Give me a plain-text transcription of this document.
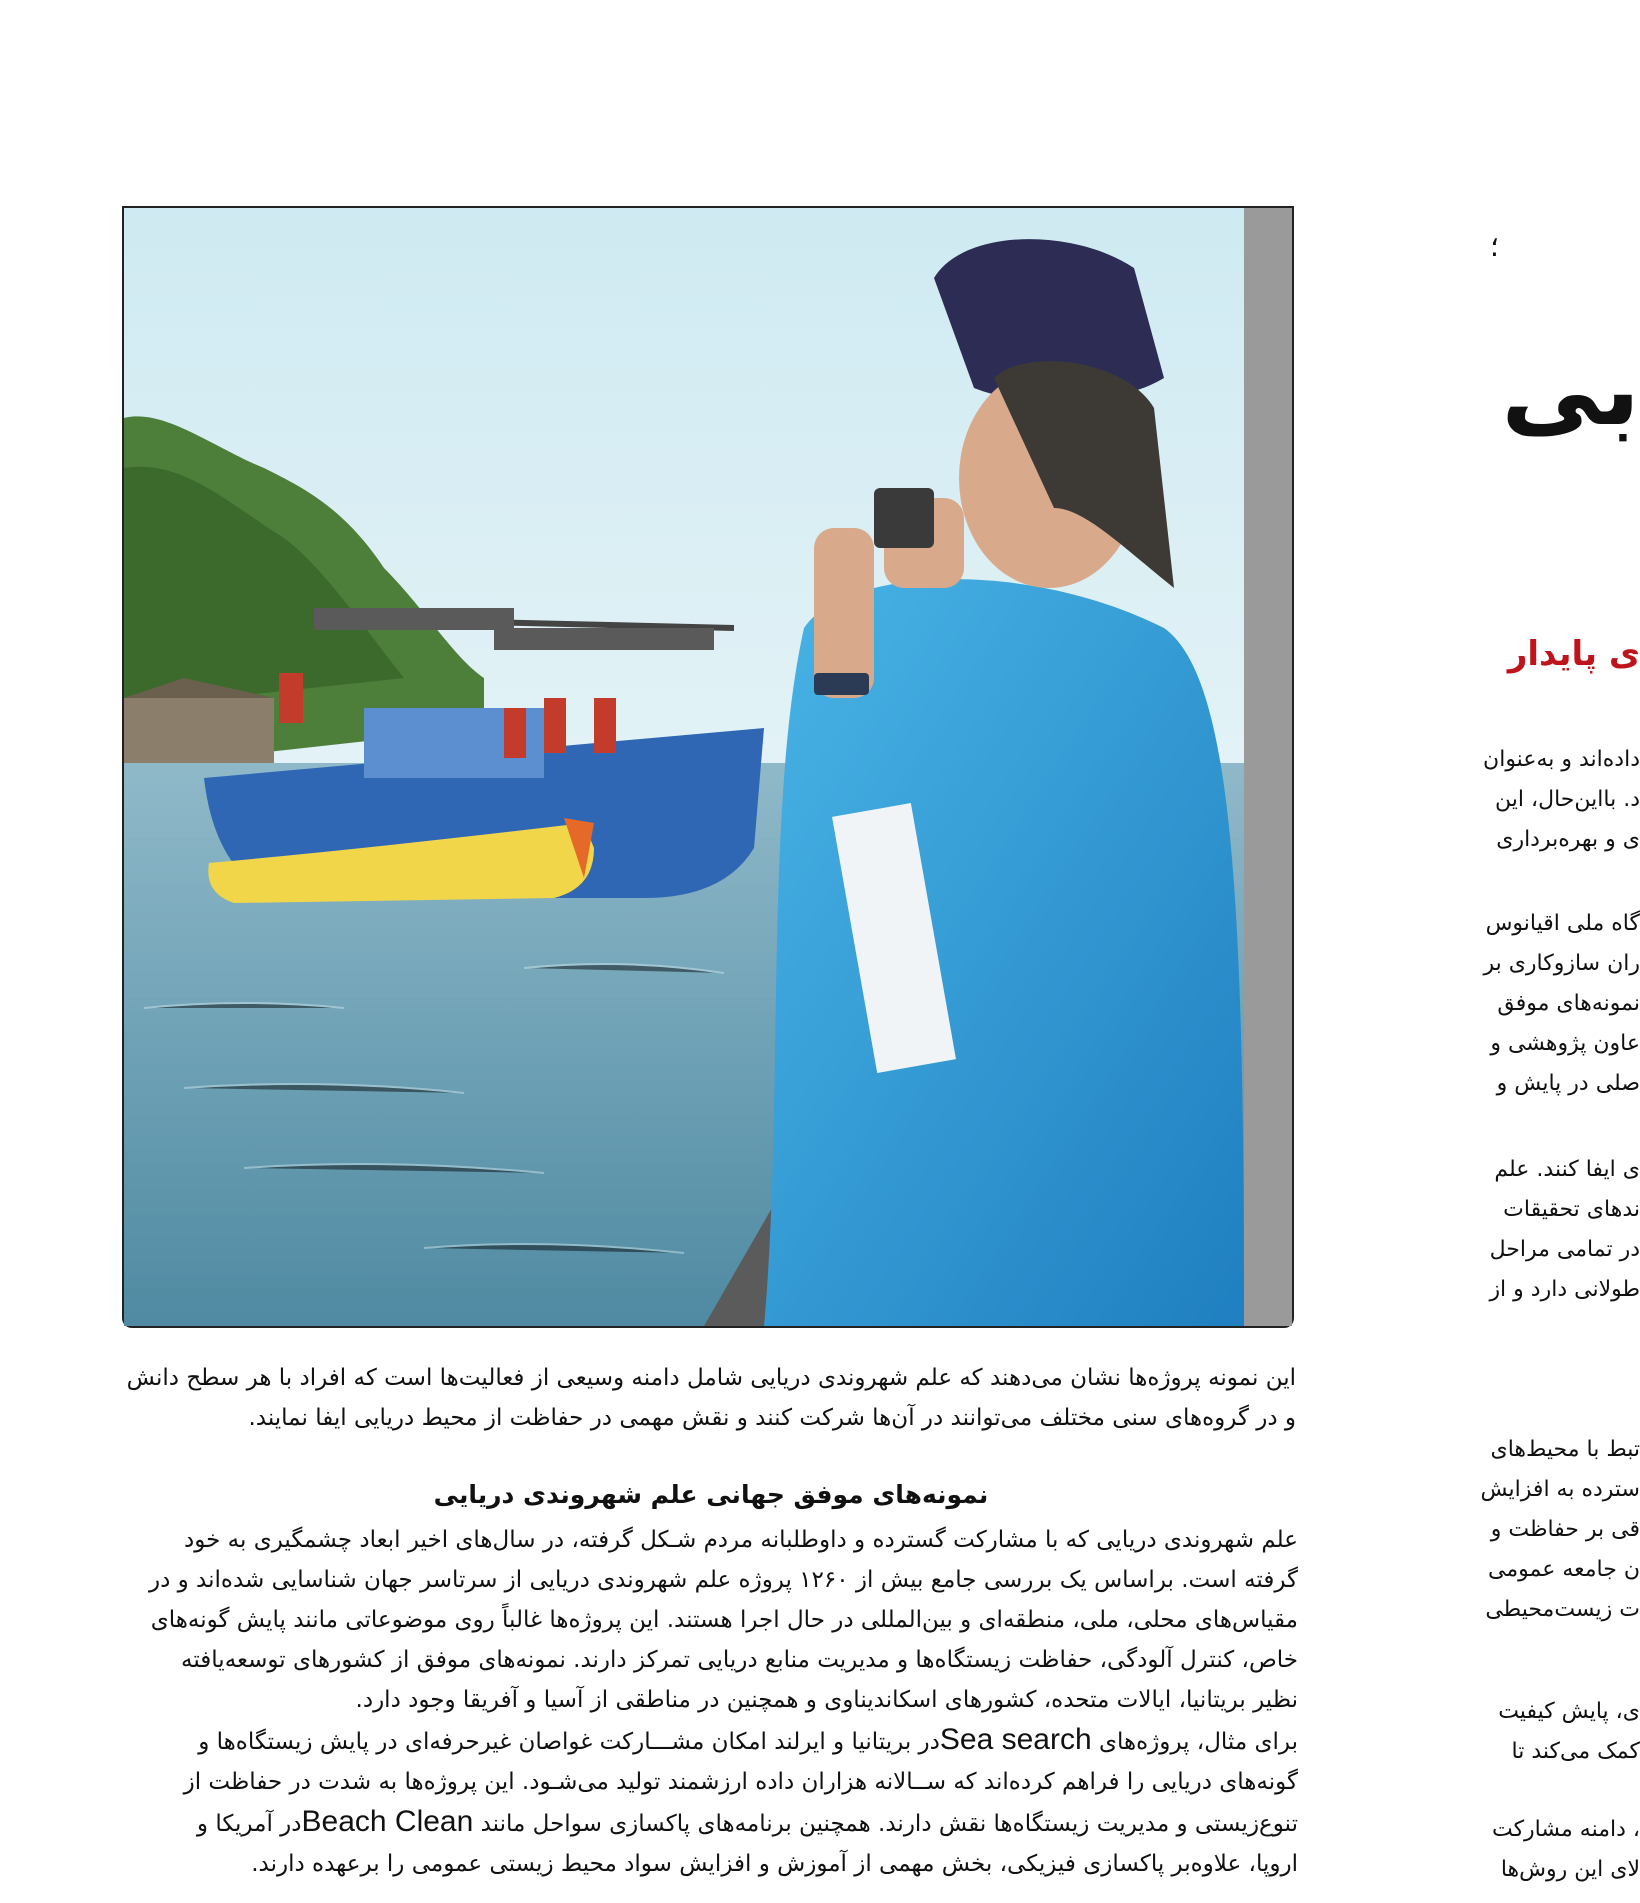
این نمونه پروژه‌ها نشان می‌دهند که علم شهروندی دریایی شامل دامنه وسیعی از فعالیت‌ها است که افراد با هر سطح دانش
و در گروه‌های سنی مختلف می‌توانند در آن‌ها شرکت کنند و نقش مهمی در حفاظت از محیط دریایی ایفا نمایند.
نمونه‌های موفق جهانی علم شهروندی دریایی
علم شهروندی دریایی که با مشارکت گسترده و داوطلبانه مردم شـکل گرفته، در سال‌های اخیر ابعاد چشمگیری به خود
گرفته است. براساس یک بررسی جامع بیش از ۱۲۶۰ پروژه علم شهروندی دریایی از سرتاسر جهان شناسایی شده‌اند و در
مقیاس‌های محلی، ملی، منطقه‌ای و بین‌المللی در حال اجرا هستند. این پروژه‌ها غالباً روی موضوعاتی مانند پایش گونه‌های
خاص، کنترل آلودگی، حفاظت زیستگاه‌ها و مدیریت منابع دریایی تمرکز دارند. نمونه‌های موفق از کشورهای توسعه‌یافته
نظیر بریتانیا، ایالات متحده، کشورهای اسکاندیناوی و همچنین در مناطقی از آسیا و آفریقا وجود دارد.
برای مثال، پروژه‌های Sea searchدر بریتانیا و ایرلند امکان مشـــارکت غواصان غیرحرفه‌ای در پایش زیستگاه‌ها و
گونه‌های دریایی را فراهم کرده‌اند که ســالانه هزاران داده ارزشمند تولید می‌شـود. این پروژه‌ها به شدت در حفاظت از
تنوع‌زیستی و مدیریت زیستگاه‌ها نقش دارند. همچنین برنامه‌های پاکسازی سواحل مانند Beach Cleanدر آمریکا و
اروپا، علاوه‌بر پاکسازی فیزیکی، بخش مهمی از آموزش و افزایش سواد محیط زیستی عمومی را برعهده دارند.
؛
بی
ی پایدار
داده‌اند و به‌عنوان
د. بااین‌حال، این
ی و بهره‌برداری
گاه ملی اقیانوس
ران سازوکاری بر
نمونه‌های موفق
عاون پژوهشی و
صلی در پایش و
ی ایفا کنند. علم
ندهای تحقیقات
در تمامی مراحل
طولانی دارد و از
تبط با محیط‌های
سترده به افزایش
قی بر حفاظت و
ن جامعه عمومی
ت زیست‌محیطی
ی، پایش کیفیت
کمک می‌کند تا
، دامنه مشارکت
لای این روش‌ها
